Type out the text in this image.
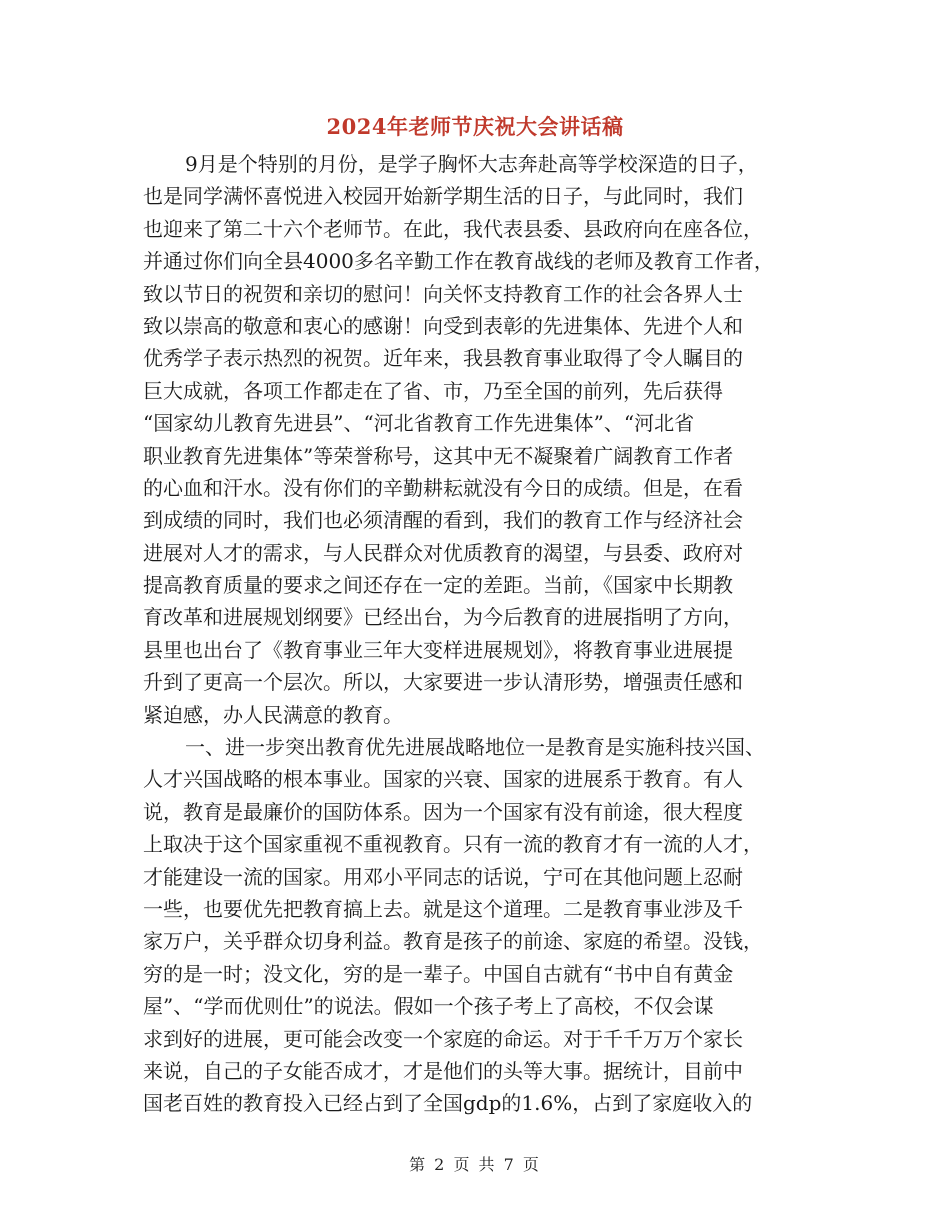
2024年老师节庆祝大会讲话稿
9月是个特别的月份，是学子胸怀大志奔赴高等学校深造的日子，
也是同学满怀喜悦进入校园开始新学期生活的日子，与此同时，我们
也迎来了第二十六个老师节。在此，我代表县委、县政府向在座各位，
并通过你们向全县4000多名辛勤工作在教育战线的老师及教育工作者，
致以节日的祝贺和亲切的慰问！向关怀支持教育工作的社会各界人士
致以崇高的敬意和衷心的感谢！向受到表彰的先进集体、先进个人和
优秀学子表示热烈的祝贺。近年来，我县教育事业取得了令人瞩目的
巨大成就，各项工作都走在了省、市，乃至全国的前列，先后获得
“国家幼儿教育先进县”、“河北省教育工作先进集体”、“河北省
职业教育先进集体”等荣誉称号，这其中无不凝聚着广阔教育工作者
的心血和汗水。没有你们的辛勤耕耘就没有今日的成绩。但是，在看
到成绩的同时，我们也必须清醒的看到，我们的教育工作与经济社会
进展对人才的需求，与人民群众对优质教育的渴望，与县委、政府对
提高教育质量的要求之间还存在一定的差距。当前，《国家中长期教
育改革和进展规划纲要》已经出台，为今后教育的进展指明了方向，
县里也出台了《教育事业三年大变样进展规划》，将教育事业进展提
升到了更高一个层次。所以，大家要进一步认清形势，增强责任感和
紧迫感，办人民满意的教育。
一、进一步突出教育优先进展战略地位一是教育是实施科技兴国、
人才兴国战略的根本事业。国家的兴衰、国家的进展系于教育。有人
说，教育是最廉价的国防体系。因为一个国家有没有前途，很大程度
上取决于这个国家重视不重视教育。只有一流的教育才有一流的人才，
才能建设一流的国家。用邓小平同志的话说，宁可在其他问题上忍耐
一些，也要优先把教育搞上去。就是这个道理。二是教育事业涉及千
家万户，关乎群众切身利益。教育是孩子的前途、家庭的希望。没钱，
穷的是一时；没文化，穷的是一辈子。中国自古就有“书中自有黄金
屋”、“学而优则仕”的说法。假如一个孩子考上了高校，不仅会谋
求到好的进展，更可能会改变一个家庭的命运。对于千千万万个家长
来说，自己的子女能否成才，才是他们的头等大事。据统计，目前中
国老百姓的教育投入已经占到了全国gdp的1.6%，占到了家庭收入的
第 2 页 共 7 页
